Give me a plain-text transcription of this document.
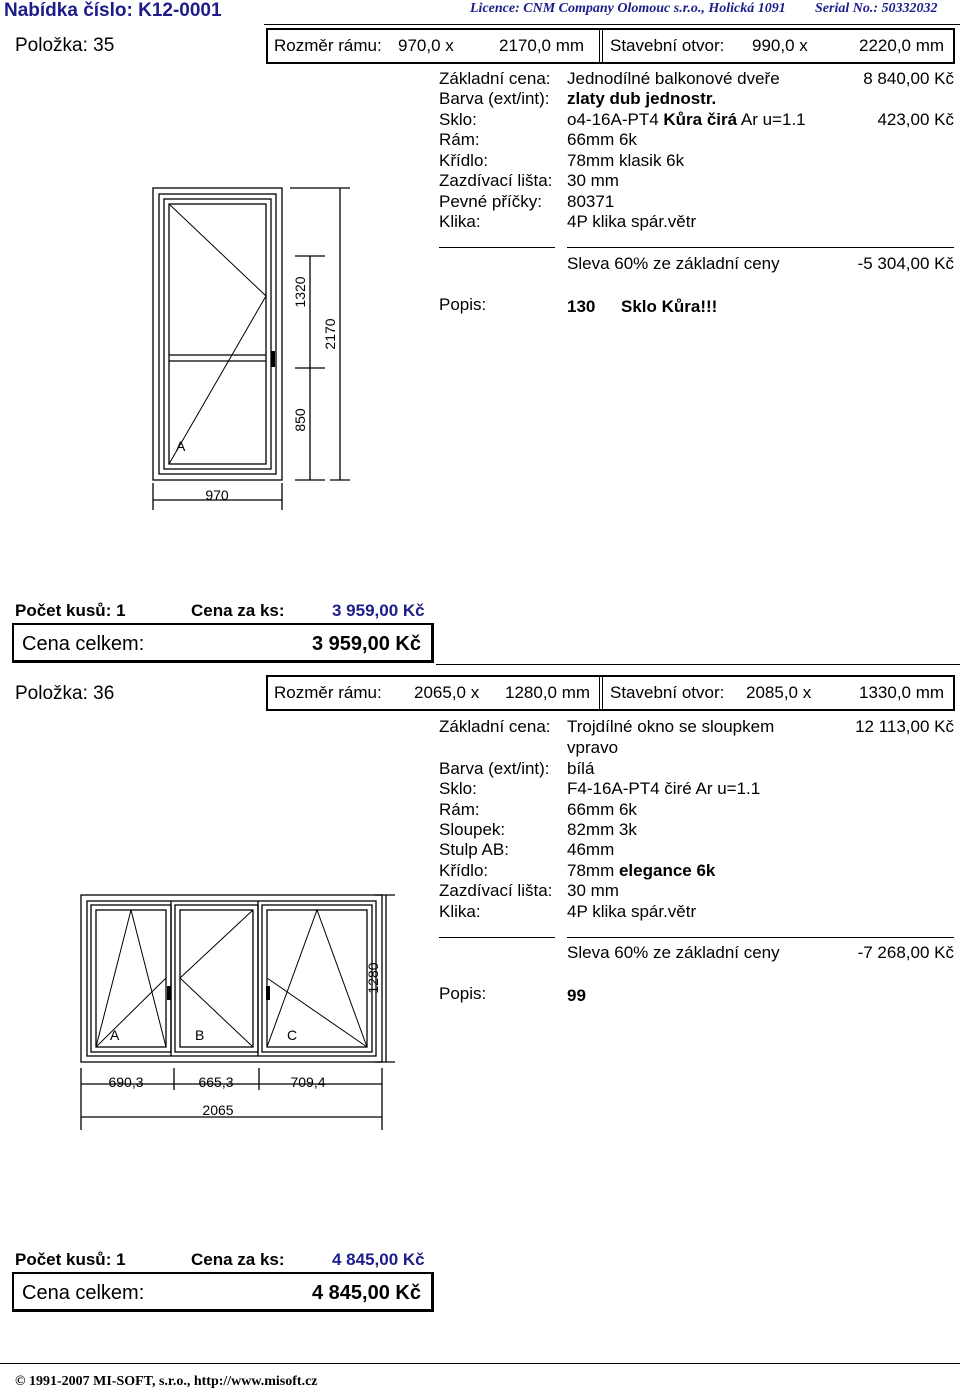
Nabídka číslo: K12-0001	Licence: CNM Company Olomouc s.r.o., Holická 1091 Serial No.: 50332032
Položka: 35	Rozměr rámu: 970,0 x	2170,0 mm Stavební otvor: 990,0 x	2220,0 mm
Základní cena: Jednodílné balkonové dveře	8 840,00 Kč
Barva (ext/int): zlaty dub jednostr.
Sklo:	o4-16A-PT4 Kůra čirá Ar u=1.1	423,00 Kč
Rám:	66mm 6k
Křídlo:	78mm klasik 6k
Zazdívací lišta: 30 mm
Pevné příčky: 80371
Klika:	4P klika spár.větr
Sleva 60% ze základní ceny	-5 304,00 Kč
Popis:	130 Sklo Kůra!!!
A
1320
850
2170
970
Počet kusů: 1	Cena za ks:	3 959,00 Kč
Cena celkem:	3 959,00 Kč
Položka: 36	Rozměr rámu: 2065,0 x 1280,0 mm Stavební otvor: 2085,0 x	1330,0 mm
Základní cena: Trojdílné okno se sloupkem	12 113,00 Kč
vpravo
Barva (ext/int): bílá
Sklo:	F4-16A-PT4 čiré Ar u=1.1
Rám:	66mm 6k
Sloupek:	82mm 3k
Stulp AB:	46mm
Křídlo:	78mm elegance 6k
Zazdívací lišta: 30 mm
Klika:	4P klika spár.větr
Sleva 60% ze základní ceny	-7 268,00 Kč
Popis:	99
A	B	C
1280
690,3	665,3	709,4
2065
Počet kusů: 1	Cena za ks:	4 845,00 Kč
Cena celkem:	4 845,00 Kč
© 1991-2007 MI-SOFT, s.r.o., http://www.misoft.cz
